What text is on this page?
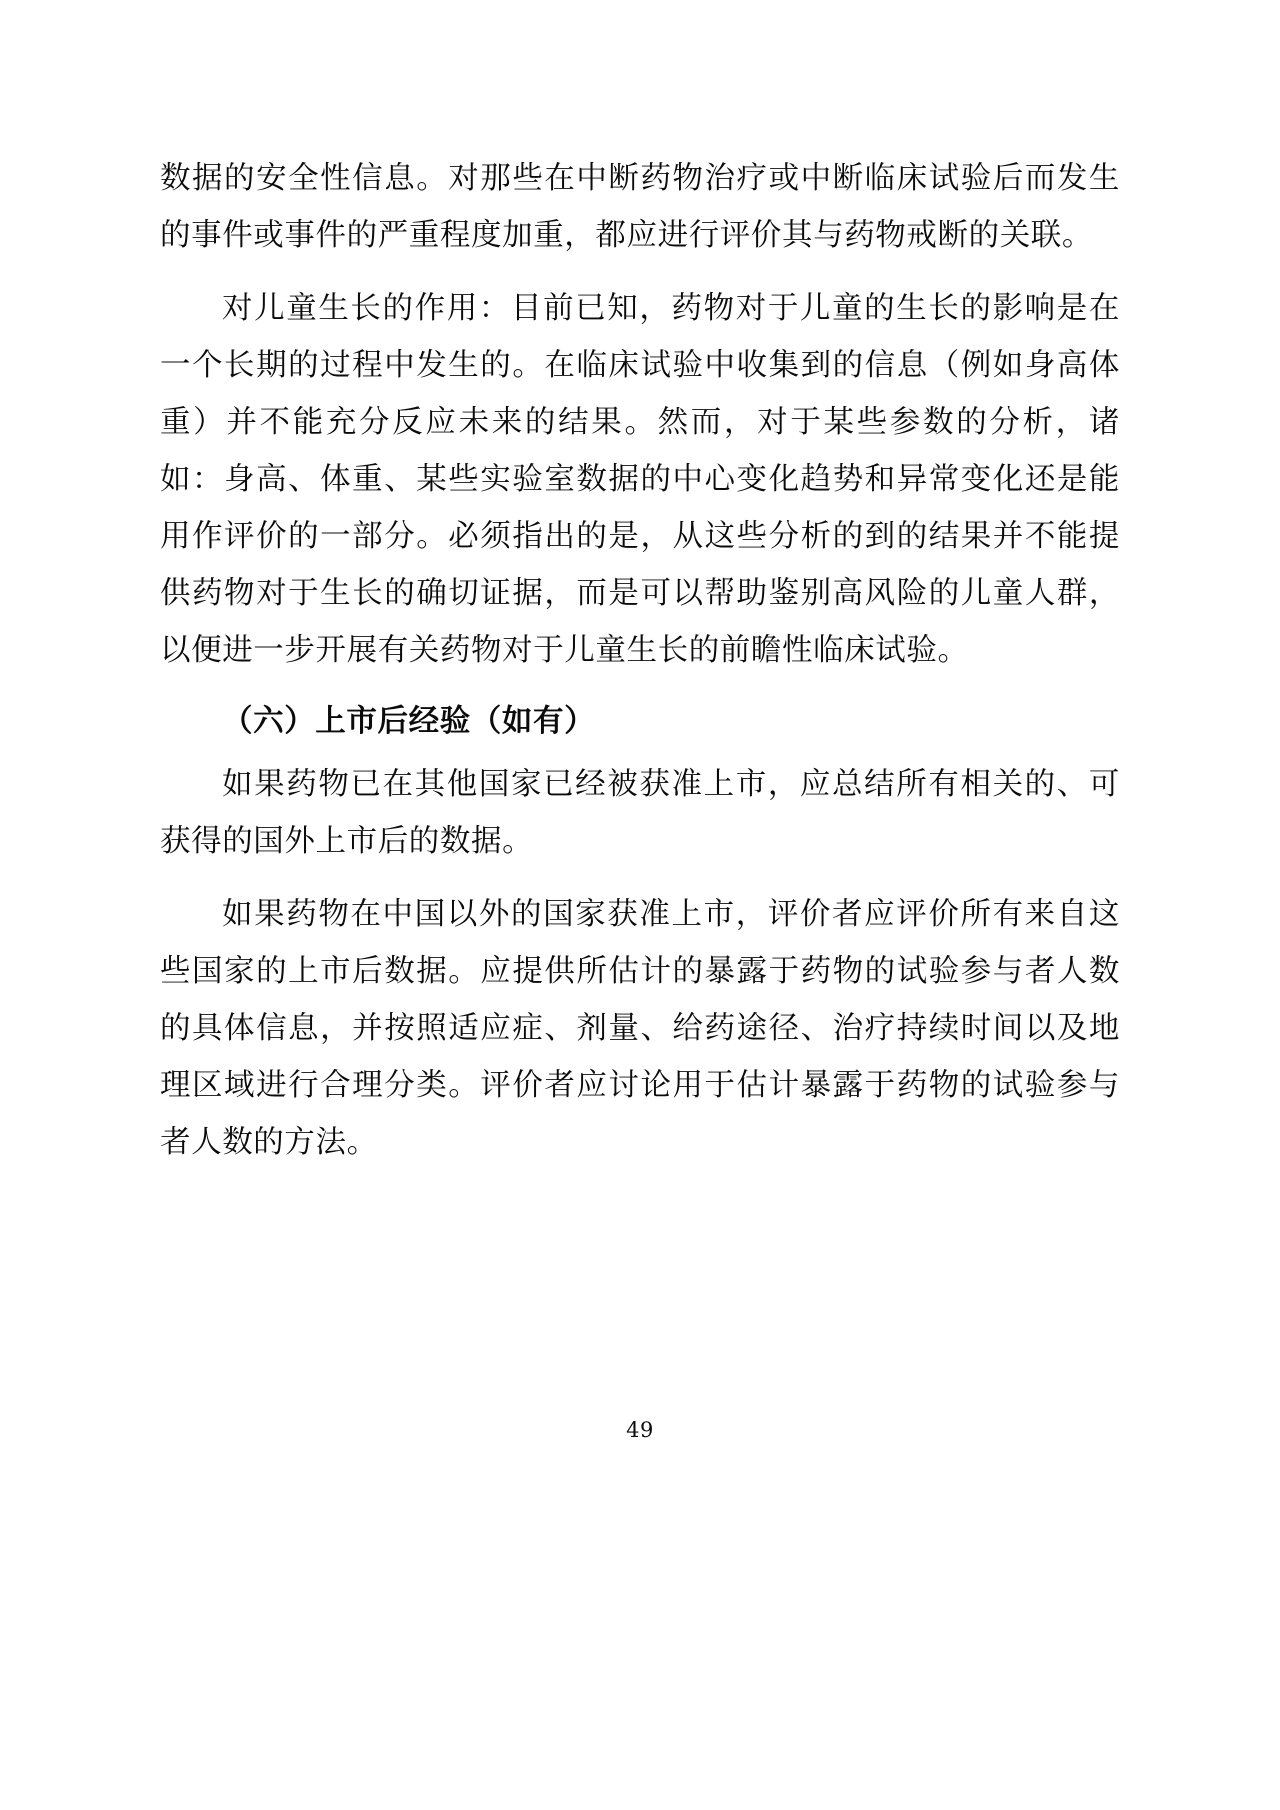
数据的安全性信息。对那些在中断药物治疗或中断临床试验后而发生的事件或事件的严重程度加重，都应进行评价其与药物戒断的关联。

对儿童生长的作用：目前已知，药物对于儿童的生长的影响是在一个长期的过程中发生的。在临床试验中收集到的信息（例如身高体重）并不能充分反应未来的结果。然而，对于某些参数的分析，诸如：身高、体重、某些实验室数据的中心变化趋势和异常变化还是能用作评价的一部分。必须指出的是，从这些分析的到的结果并不能提供药物对于生长的确切证据，而是可以帮助鉴别高风险的儿童人群，以便进一步开展有关药物对于儿童生长的前瞻性临床试验。

（六）上市后经验（如有）

如果药物已在其他国家已经被获准上市，应总结所有相关的、可获得的国外上市后的数据。

如果药物在中国以外的国家获准上市，评价者应评价所有来自这些国家的上市后数据。应提供所估计的暴露于药物的试验参与者人数的具体信息，并按照适应症、剂量、给药途径、治疗持续时间以及地理区域进行合理分类。评价者应讨论用于估计暴露于药物的试验参与者人数的方法。

49
